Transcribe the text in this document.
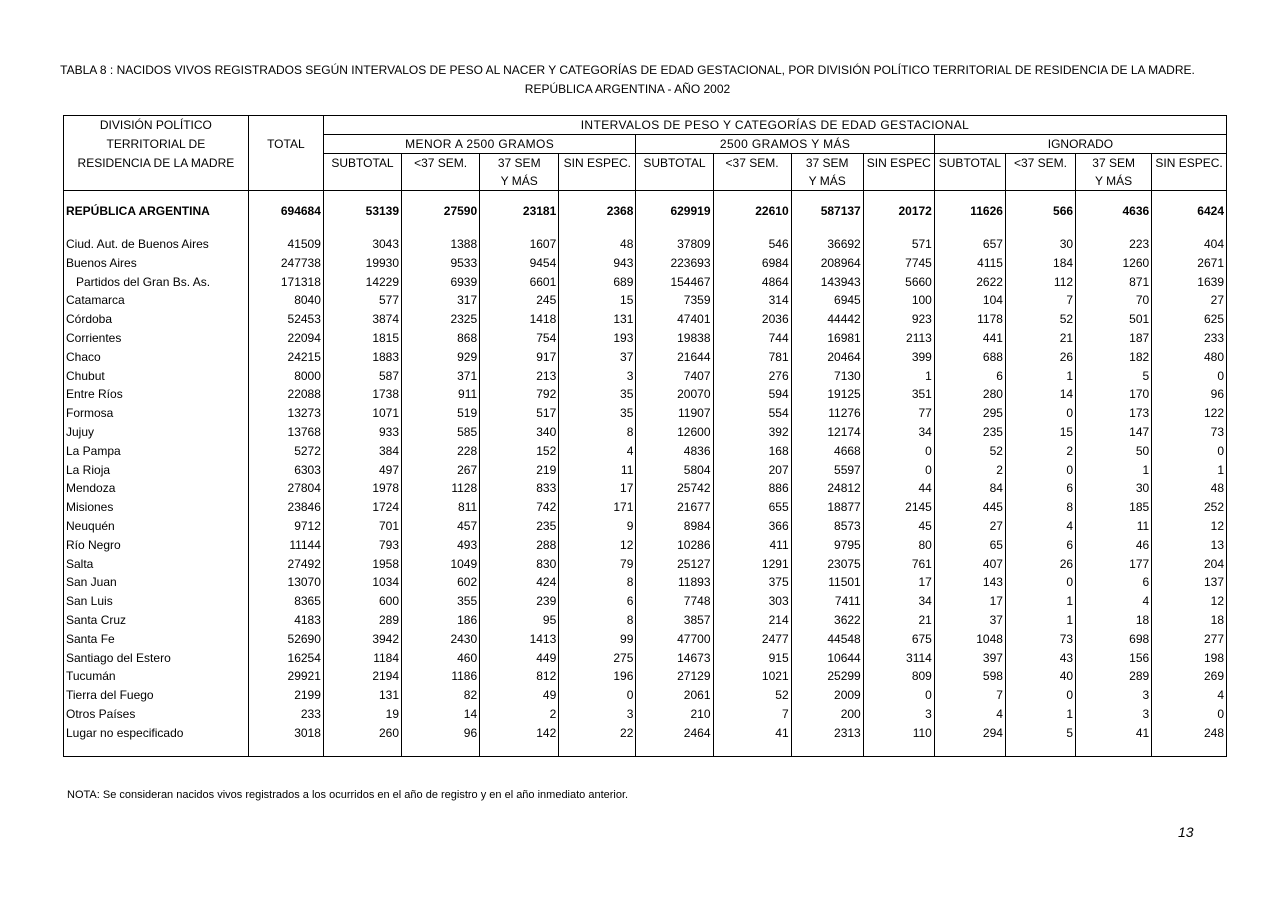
TABLA 8 : NACIDOS VIVOS REGISTRADOS SEGÚN INTERVALOS DE PESO AL NACER Y CATEGORÍAS DE EDAD GESTACIONAL, POR DIVISIÓN POLÍTICO TERRITORIAL DE RESIDENCIA DE LA MADRE.
REPÚBLICA ARGENTINA - AÑO 2002
DIVISIÓN POLÍTICO		INTERVALOS DE PESO Y CATEGORÍAS DE EDAD GESTACIONAL											
TERRITORIAL DE	TOTAL	MENOR A 2500 GRAMOS				2500 GRAMOS Y MÁS				IGNORADO			
RESIDENCIA DE LA MADRE		SUBTOTAL	<37 SEM.	37 SEM	SIN ESPEC.	SUBTOTAL	<37 SEM.	37 SEM	SIN ESPEC	SUBTOTAL	<37 SEM.	37 SEM	SIN ESPEC.
				Y MÁS				Y MÁS				Y MÁS	

REPÚBLICA ARGENTINA	694684	53139	27590	23181	2368	629919	22610	587137	20172	11626	566	4636	6424

Ciud. Aut. de Buenos Aires	41509	3043	1388	1607	48	37809	546	36692	571	657	30	223	404
Buenos Aires	247738	19930	9533	9454	943	223693	6984	208964	7745	4115	184	1260	2671
Partidos del Gran Bs. As.	171318	14229	6939	6601	689	154467	4864	143943	5660	2622	112	871	1639
Catamarca	8040	577	317	245	15	7359	314	6945	100	104	7	70	27
Córdoba	52453	3874	2325	1418	131	47401	2036	44442	923	1178	52	501	625
Corrientes	22094	1815	868	754	193	19838	744	16981	2113	441	21	187	233
Chaco	24215	1883	929	917	37	21644	781	20464	399	688	26	182	480
Chubut	8000	587	371	213	3	7407	276	7130	1	6	1	5	0
Entre Ríos	22088	1738	911	792	35	20070	594	19125	351	280	14	170	96
Formosa	13273	1071	519	517	35	11907	554	11276	77	295	0	173	122
Jujuy	13768	933	585	340	8	12600	392	12174	34	235	15	147	73
La Pampa	5272	384	228	152	4	4836	168	4668	0	52	2	50	0
La Rioja	6303	497	267	219	11	5804	207	5597	0	2	0	1	1
Mendoza	27804	1978	1128	833	17	25742	886	24812	44	84	6	30	48
Misiones	23846	1724	811	742	171	21677	655	18877	2145	445	8	185	252
Neuquén	9712	701	457	235	9	8984	366	8573	45	27	4	11	12
Río Negro	11144	793	493	288	12	10286	411	9795	80	65	6	46	13
Salta	27492	1958	1049	830	79	25127	1291	23075	761	407	26	177	204
San Juan	13070	1034	602	424	8	11893	375	11501	17	143	0	6	137
San Luis	8365	600	355	239	6	7748	303	7411	34	17	1	4	12
Santa Cruz	4183	289	186	95	8	3857	214	3622	21	37	1	18	18
Santa Fe	52690	3942	2430	1413	99	47700	2477	44548	675	1048	73	698	277
Santiago del Estero	16254	1184	460	449	275	14673	915	10644	3114	397	43	156	198
Tucumán	29921	2194	1186	812	196	27129	1021	25299	809	598	40	289	269
Tierra del Fuego	2199	131	82	49	0	2061	52	2009	0	7	0	3	4
Otros Países	233	19	14	2	3	210	7	200	3	4	1	3	0
Lugar no especificado	3018	260	96	142	22	2464	41	2313	110	294	5	41	248

NOTA: Se consideran nacidos vivos registrados a los ocurridos en el año de registro y en el año inmediato anterior.
13
